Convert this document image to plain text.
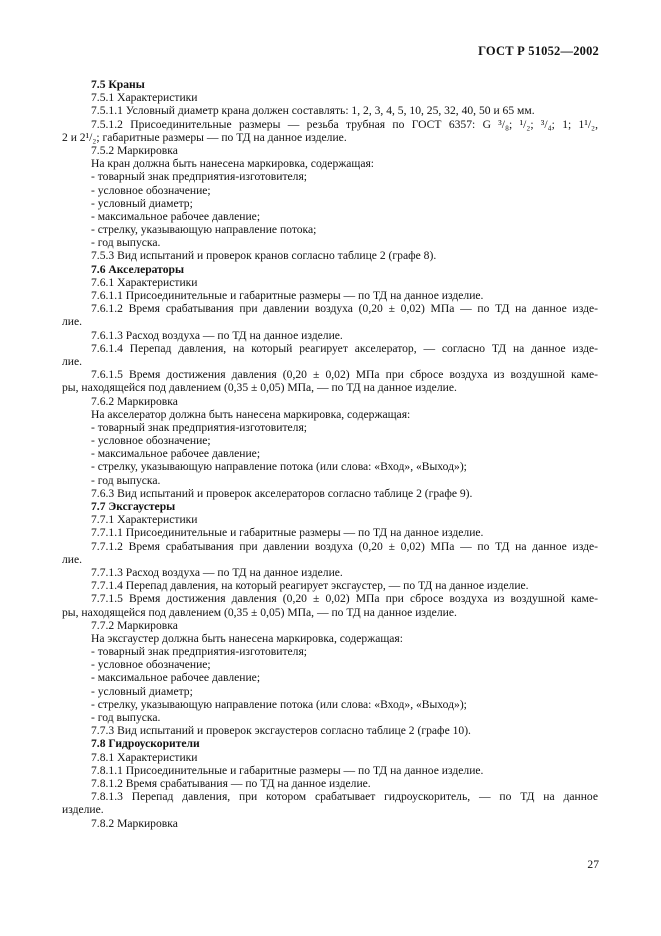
ГОСТ Р 51052—2002
7.5 Краны
7.5.1 Характеристики
7.5.1.1 Условный диаметр крана должен составлять: 1, 2, 3, 4, 5, 10, 25, 32, 40, 50 и 65 мм.
7.5.1.2 Присоединительные размеры — резьба трубная по ГОСТ 6357: G ³/₈; ¹/₂; ³/₄; 1; 1¹/₂,
2 и 2¹/₂; габаритные размеры — по ТД на данное изделие.
7.5.2 Маркировка
На кран должна быть нанесена маркировка, содержащая:
- товарный знак предприятия-изготовителя;
- условное обозначение;
- условный диаметр;
- максимальное рабочее давление;
- стрелку, указывающую направление потока;
- год выпуска.
7.5.3 Вид испытаний и проверок кранов согласно таблице 2 (графе 8).
7.6 Акселераторы
7.6.1 Характеристики
7.6.1.1 Присоединительные и габаритные размеры — по ТД на данное изделие.
7.6.1.2 Время срабатывания при давлении воздуха (0,20 ± 0,02) МПа — по ТД на данное изде-
лие.
7.6.1.3 Расход воздуха — по ТД на данное изделие.
7.6.1.4 Перепад давления, на который реагирует акселератор, — согласно ТД на данное изде-
лие.
7.6.1.5 Время достижения давления (0,20 ± 0,02) МПа при сбросе воздуха из воздушной каме-
ры, находящейся под давлением (0,35 ± 0,05) МПа, — по ТД на данное изделие.
7.6.2 Маркировка
На акселератор должна быть нанесена маркировка, содержащая:
- товарный знак предприятия-изготовителя;
- условное обозначение;
- максимальное рабочее давление;
- стрелку, указывающую направление потока (или слова: «Вход», «Выход»);
- год выпуска.
7.6.3 Вид испытаний и проверок акселераторов согласно таблице 2 (графе 9).
7.7 Эксгаустеры
7.7.1 Характеристики
7.7.1.1 Присоединительные и габаритные размеры — по ТД на данное изделие.
7.7.1.2 Время срабатывания при давлении воздуха (0,20 ± 0,02) МПа — по ТД на данное изде-
лие.
7.7.1.3 Расход воздуха — по ТД на данное изделие.
7.7.1.4 Перепад давления, на который реагирует эксгаустер, — по ТД на данное изделие.
7.7.1.5 Время достижения давления (0,20 ± 0,02) МПа при сбросе воздуха из воздушной каме-
ры, находящейся под давлением (0,35 ± 0,05) МПа, — по ТД на данное изделие.
7.7.2 Маркировка
На эксгаустер должна быть нанесена маркировка, содержащая:
- товарный знак предприятия-изготовителя;
- условное обозначение;
- максимальное рабочее давление;
- условный диаметр;
- стрелку, указывающую направление потока (или слова: «Вход», «Выход»);
- год выпуска.
7.7.3 Вид испытаний и проверок эксгаустеров согласно таблице 2 (графе 10).
7.8 Гидроускорители
7.8.1 Характеристики
7.8.1.1 Присоединительные и габаритные размеры — по ТД на данное изделие.
7.8.1.2 Время срабатывания — по ТД на данное изделие.
7.8.1.3 Перепад давления, при котором срабатывает гидроускоритель, — по ТД на данное
изделие.
7.8.2 Маркировка
27
